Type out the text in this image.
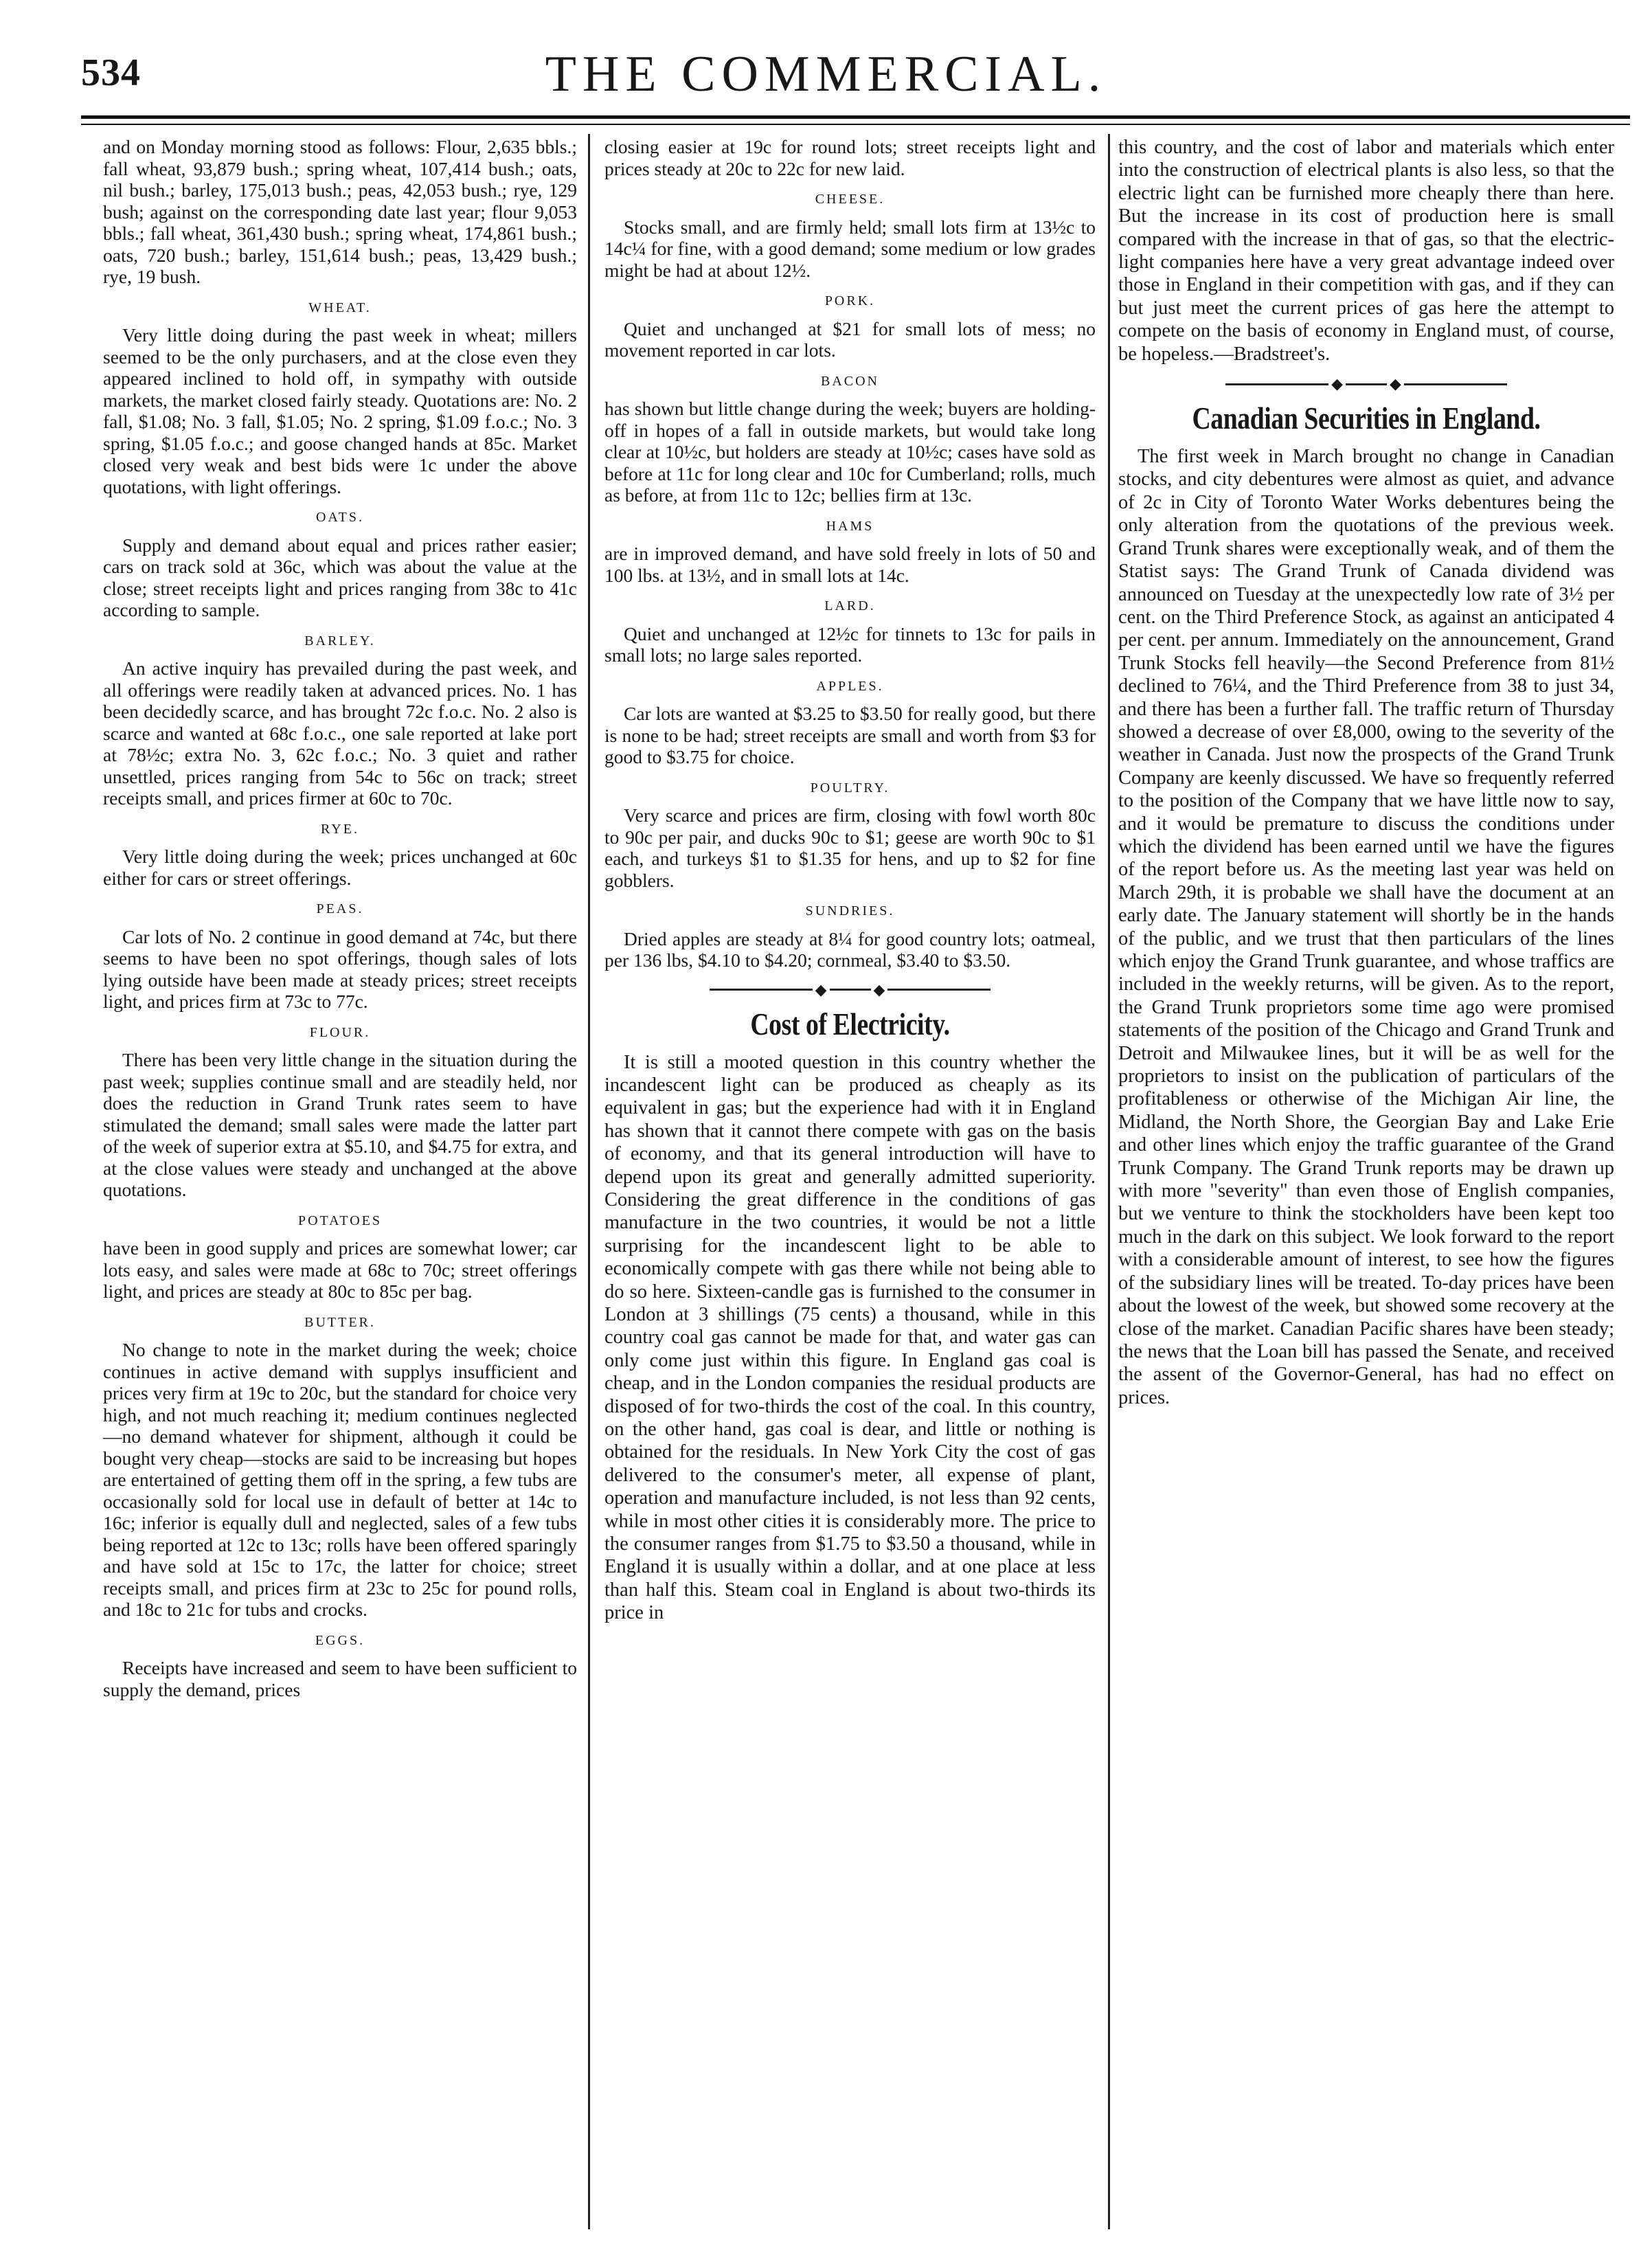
534	THE COMMERCIAL.

and on Monday morning stood as follows: Flour, 2,635 bbls.; fall wheat, 93,879 bush.; spring wheat, 107,414 bush.; oats, nil bush.; barley, 175,013 bush.; peas, 42,053 bush.; rye, 129 bush; against on the corresponding date last year; flour 9,053 bbls.; fall wheat, 361,430 bush.; spring wheat, 174,861 bush.; oats, 720 bush.; barley, 151,614 bush.; peas, 13,429 bush.; rye, 19 bush.

WHEAT.

Very little doing during the past week in wheat; millers seemed to be the only purchasers, and at the close even they appeared inclined to hold off, in sympathy with outside markets, the market closed fairly steady. Quotations are: No. 2 fall, $1.08; No. 3 fall, $1.05; No. 2 spring, $1.09 f.o.c.; No. 3 spring, $1.05 f.o.c.; and goose changed hands at 85c. Market closed very weak and best bids were 1c under the above quotations, with light offerings.

OATS.

Supply and demand about equal and prices rather easier; cars on track sold at 36c, which was about the value at the close; street receipts light and prices ranging from 38c to 41c according to sample.

BARLEY.

An active inquiry has prevailed during the past week, and all offerings were readily taken at advanced prices. No. 1 has been decidedly scarce, and has brought 72c f.o.c. No. 2 also is scarce and wanted at 68c f.o.c., one sale reported at lake port at 78½c; extra No. 3, 62c f.o.c.; No. 3 quiet and rather unsettled, prices ranging from 54c to 56c on track; street receipts small, and prices firmer at 60c to 70c.

RYE.

Very little doing during the week; prices unchanged at 60c either for cars or street offerings.

PEAS.

Car lots of No. 2 continue in good demand at 74c, but there seems to have been no spot offerings, though sales of lots lying outside have been made at steady prices; street receipts light, and prices firm at 73c to 77c.

FLOUR.

There has been very little change in the situation during the past week; supplies continue small and are steadily held, nor does the reduction in Grand Trunk rates seem to have stimulated the demand; small sales were made the latter part of the week of superior extra at $5.10, and $4.75 for extra, and at the close values were steady and unchanged at the above quotations.

POTATOES

have been in good supply and prices are somewhat lower; car lots easy, and sales were made at 68c to 70c; street offerings light, and prices are steady at 80c to 85c per bag.

BUTTER.

No change to note in the market during the week; choice continues in active demand with supplys insufficient and prices very firm at 19c to 20c, but the standard for choice very high, and not much reaching it; medium continues neglected—no demand whatever for shipment, although it could be bought very cheap—stocks are said to be increasing but hopes are entertained of getting them off in the spring, a few tubs are occasionally sold for local use in default of better at 14c to 16c; inferior is equally dull and neglected, sales of a few tubs being reported at 12c to 13c; rolls have been offered sparingly and have sold at 15c to 17c, the latter for choice; street receipts small, and prices firm at 23c to 25c for pound rolls, and 18c to 21c for tubs and crocks.

EGGS.

Receipts have increased and seem to have been sufficient to supply the demand, prices

closing easier at 19c for round lots; street receipts light and prices steady at 20c to 22c for new laid.

CHEESE.

Stocks small, and are firmly held; small lots firm at 13½c to 14c¼ for fine, with a good demand; some medium or low grades might be had at about 12½.

PORK.

Quiet and unchanged at $21 for small lots of mess; no movement reported in car lots.

BACON

has shown but little change during the week; buyers are holding-off in hopes of a fall in outside markets, but would take long clear at 10½c, but holders are steady at 10½c; cases have sold as before at 11c for long clear and 10c for Cumberland; rolls, much as before, at from 11c to 12c; bellies firm at 13c.

HAMS

are in improved demand, and have sold freely in lots of 50 and 100 lbs. at 13½, and in small lots at 14c.

LARD.

Quiet and unchanged at 12½c for tinnets to 13c for pails in small lots; no large sales reported.

APPLES.

Car lots are wanted at $3.25 to $3.50 for really good, but there is none to be had; street receipts are small and worth from $3 for good to $3.75 for choice.

POULTRY.

Very scarce and prices are firm, closing with fowl worth 80c to 90c per pair, and ducks 90c to $1; geese are worth 90c to $1 each, and turkeys $1 to $1.35 for hens, and up to $2 for fine gobblers.

SUNDRIES.

Dried apples are steady at 8¼ for good country lots; oatmeal, per 136 lbs, $4.10 to $4.20; cornmeal, $3.40 to $3.50.

◆	◆
Cost of Electricity.

It is still a mooted question in this country whether the incandescent light can be produced as cheaply as its equivalent in gas; but the experience had with it in England has shown that it cannot there compete with gas on the basis of economy, and that its general introduction will have to depend upon its great and generally admitted superiority. Considering the great difference in the conditions of gas manufacture in the two countries, it would be not a little surprising for the incandescent light to be able to economically compete with gas there while not being able to do so here. Sixteen-candle gas is furnished to the consumer in London at 3 shillings (75 cents) a thousand, while in this country coal gas cannot be made for that, and water gas can only come just within this figure. In England gas coal is cheap, and in the London companies the residual products are disposed of for two-thirds the cost of the coal. In this country, on the other hand, gas coal is dear, and little or nothing is obtained for the residuals. In New York City the cost of gas delivered to the consumer's meter, all expense of plant, operation and manufacture included, is not less than 92 cents, while in most other cities it is considerably more. The price to the consumer ranges from $1.75 to $3.50 a thousand, while in England it is usually within a dollar, and at one place at less than half this. Steam coal in England is about two-thirds its price in

this country, and the cost of labor and materials which enter into the construction of electrical plants is also less, so that the electric light can be furnished more cheaply there than here. But the increase in its cost of production here is small compared with the increase in that of gas, so that the electric-light companies here have a very great advantage indeed over those in England in their competition with gas, and if they can but just meet the current prices of gas here the attempt to compete on the basis of economy in England must, of course, be hopeless.—Bradstreet's.

◆	◆
Canadian Securities in England.

The first week in March brought no change in Canadian stocks, and city debentures were almost as quiet, and advance of 2c in City of Toronto Water Works debentures being the only alteration from the quotations of the previous week. Grand Trunk shares were exceptionally weak, and of them the Statist says: The Grand Trunk of Canada dividend was announced on Tuesday at the unexpectedly low rate of 3½ per cent. on the Third Preference Stock, as against an anticipated 4 per cent. per annum. Immediately on the announcement, Grand Trunk Stocks fell heavily—the Second Preference from 81½ declined to 76¼, and the Third Preference from 38 to just 34, and there has been a further fall. The traffic return of Thursday showed a decrease of over £8,000, owing to the severity of the weather in Canada. Just now the prospects of the Grand Trunk Company are keenly discussed. We have so frequently referred to the position of the Company that we have little now to say, and it would be premature to discuss the conditions under which the dividend has been earned until we have the figures of the report before us. As the meeting last year was held on March 29th, it is probable we shall have the document at an early date. The January statement will shortly be in the hands of the public, and we trust that then particulars of the lines which enjoy the Grand Trunk guarantee, and whose traffics are included in the weekly returns, will be given. As to the report, the Grand Trunk proprietors some time ago were promised statements of the position of the Chicago and Grand Trunk and Detroit and Milwaukee lines, but it will be as well for the proprietors to insist on the publication of particulars of the profitableness or otherwise of the Michigan Air line, the Midland, the North Shore, the Georgian Bay and Lake Erie and other lines which enjoy the traffic guarantee of the Grand Trunk Company. The Grand Trunk reports may be drawn up with more "severity" than even those of English companies, but we venture to think the stockholders have been kept too much in the dark on this subject. We look forward to the report with a considerable amount of interest, to see how the figures of the subsidiary lines will be treated. To-day prices have been about the lowest of the week, but showed some recovery at the close of the market. Canadian Pacific shares have been steady; the news that the Loan bill has passed the Senate, and received the assent of the Governor-General, has had no effect on prices.
